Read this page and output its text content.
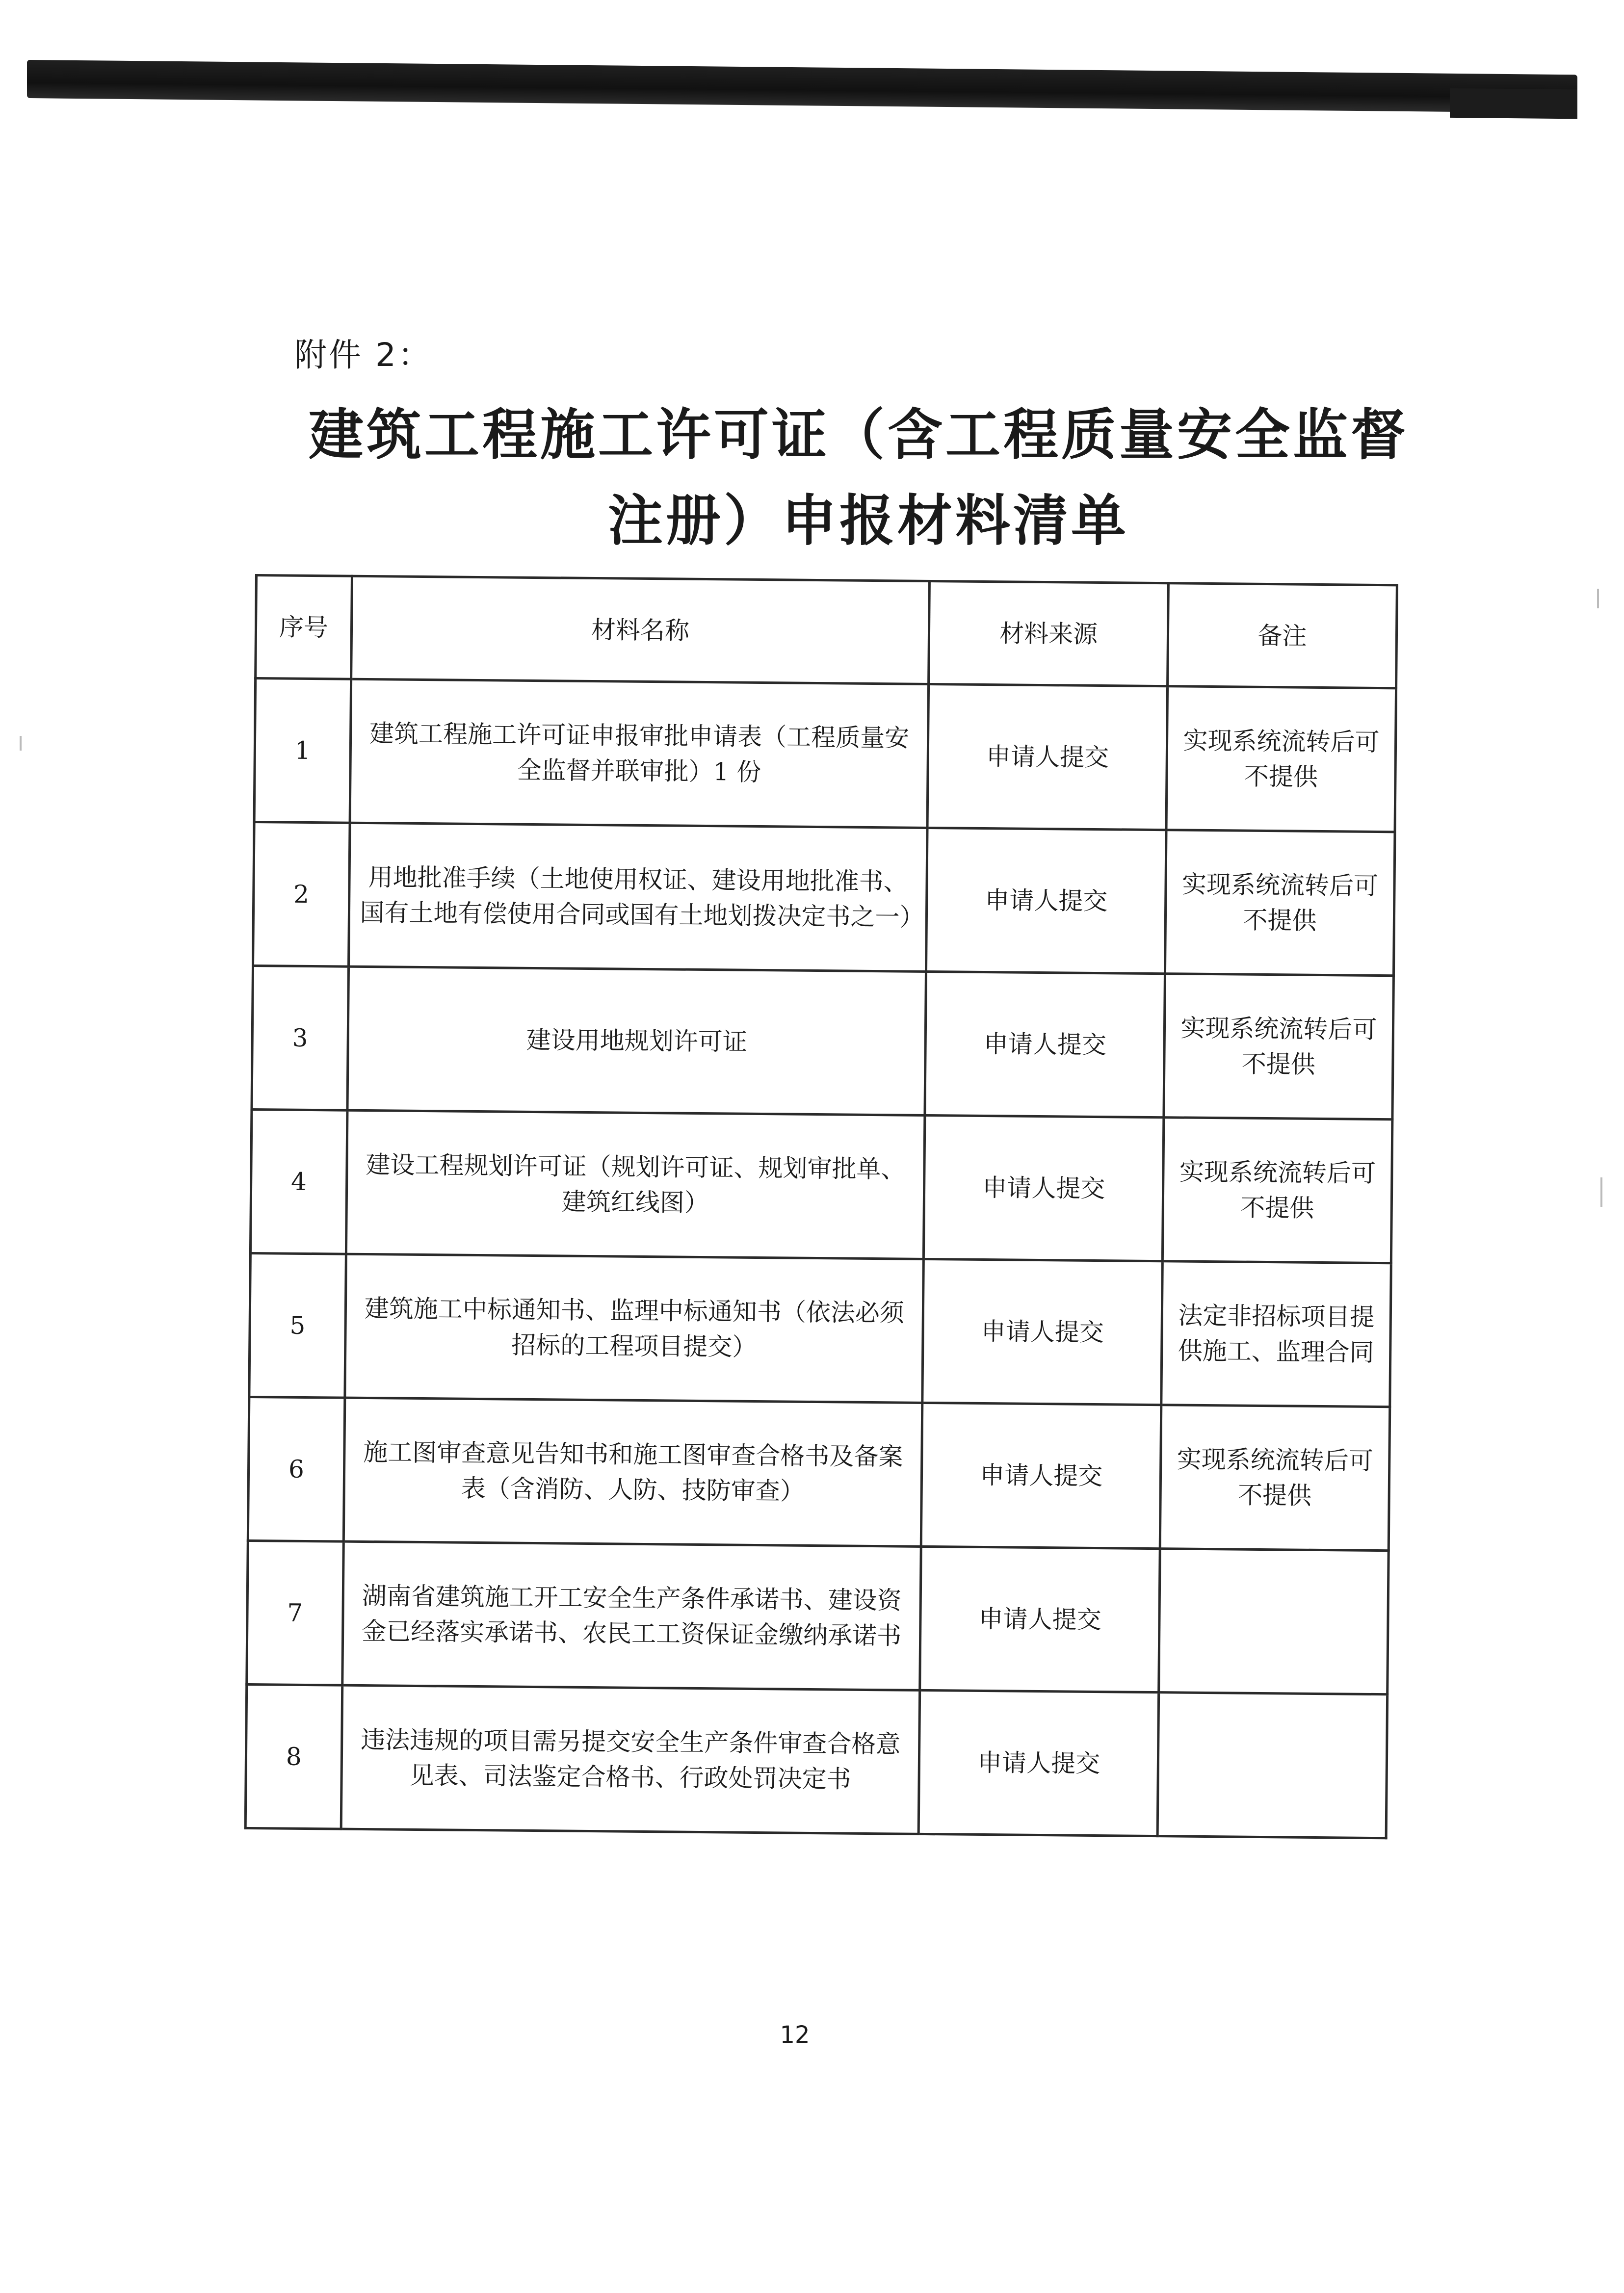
附件 2：
建筑工程施工许可证（含工程质量安全监督
注册）申报材料清单
序号	材料名称	材料来源	备注
1	建筑工程施工许可证申报审批申请表（工程质量安全监督并联审批）1 份	申请人提交	实现系统流转后可不提供
2	用地批准手续（土地使用权证、建设用地批准书、国有土地有偿使用合同或国有土地划拨决定书之一）	申请人提交	实现系统流转后可不提供
3	建设用地规划许可证	申请人提交	实现系统流转后可不提供
4	建设工程规划许可证（规划许可证、规划审批单、建筑红线图）	申请人提交	实现系统流转后可不提供
5	建筑施工中标通知书、监理中标通知书（依法必须招标的工程项目提交）	申请人提交	法定非招标项目提供施工、监理合同
6	施工图审查意见告知书和施工图审查合格书及备案表（含消防、人防、技防审查）	申请人提交	实现系统流转后可不提供
7	湖南省建筑施工开工安全生产条件承诺书、建设资金已经落实承诺书、农民工工资保证金缴纳承诺书	申请人提交	
8	违法违规的项目需另提交安全生产条件审查合格意见表、司法鉴定合格书、行政处罚决定书	申请人提交	
12
